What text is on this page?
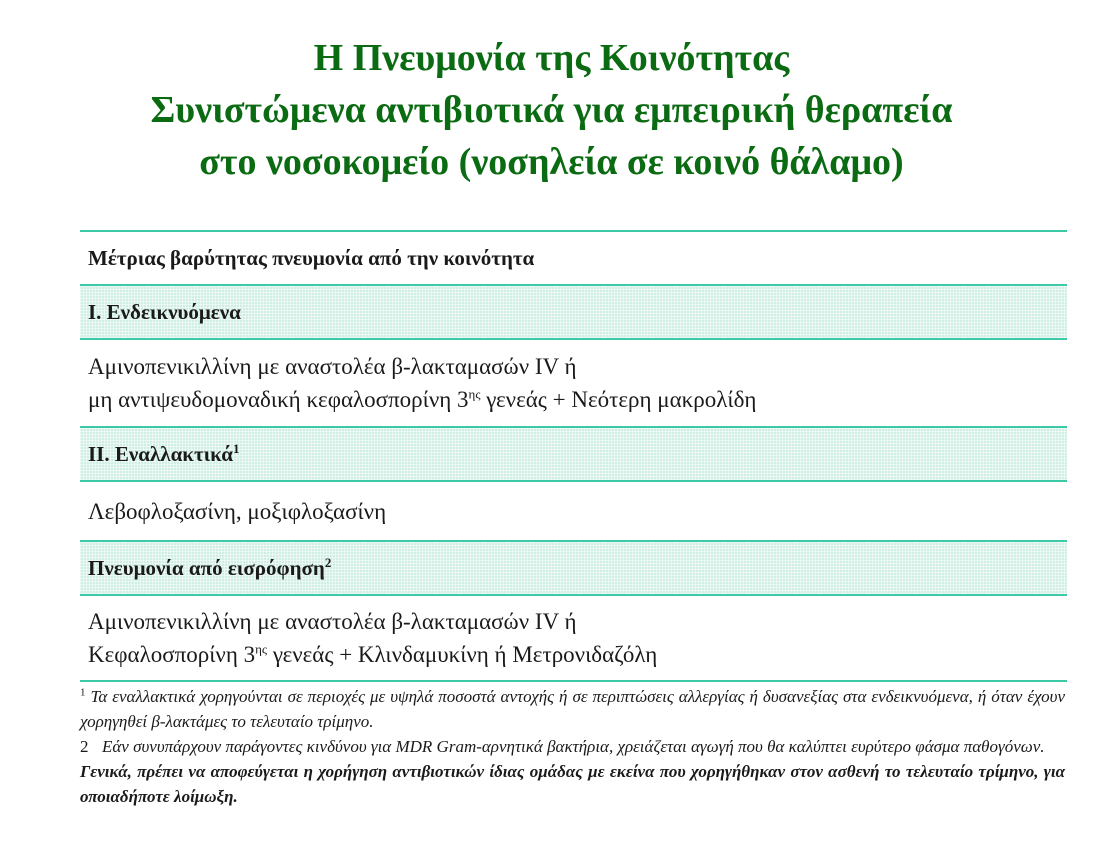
Η Πνευμονία της Κοινότητας
Συνιστώμενα αντιβιοτικά για εμπειρική θεραπεία
στο νοσοκομείο (νοσηλεία σε κοινό θάλαμο)
Μέτριας βαρύτητας πνευμονία από την κοινότητα
I. Ενδεικνυόμενα
Αμινοπενικιλλίνη με αναστολέα β-λακταμασών IV ή
μη αντιψευδομοναδική κεφαλοσπορίνη $3^{\eta\varsigma}$ γενεάς + Νεότερη μακρολίδη
II. Εναλλακτικά$^1$
Λεβοφλοξασίνη, μοξιφλοξασίνη
Πνευμονία από εισρόφηση$^2$
Αμινοπενικιλλίνη με αναστολέα β-λακταμασών IV ή
Κεφαλοσπορίνη $3^{\eta\varsigma}$ γενεάς + Κλινδαμυκίνη ή Μετρονιδαζόλη

$^1$ Τα εναλλακτικά χορηγούνται σε περιοχές με υψηλά ποσοστά αντοχής ή σε περιπτώσεις αλλεργίας ή δυσανεξίας στα ενδεικνυόμενα, ή όταν έχουν χορηγηθεί β-λακτάμες το τελευταίο τρίμηνο.

2 Εάν συνυπάρχουν παράγοντες κινδύνου για MDR Gram-αρνητικά βακτήρια, χρειάζεται αγωγή που θα καλύπτει ευρύτερο φάσμα παθογόνων.

Γενικά, πρέπει να αποφεύγεται η χορήγηση αντιβιοτικών ίδιας ομάδας με εκείνα που χορηγήθηκαν στον ασθενή το τελευταίο τρίμηνο, για οποιαδήποτε λοίμωξη.
